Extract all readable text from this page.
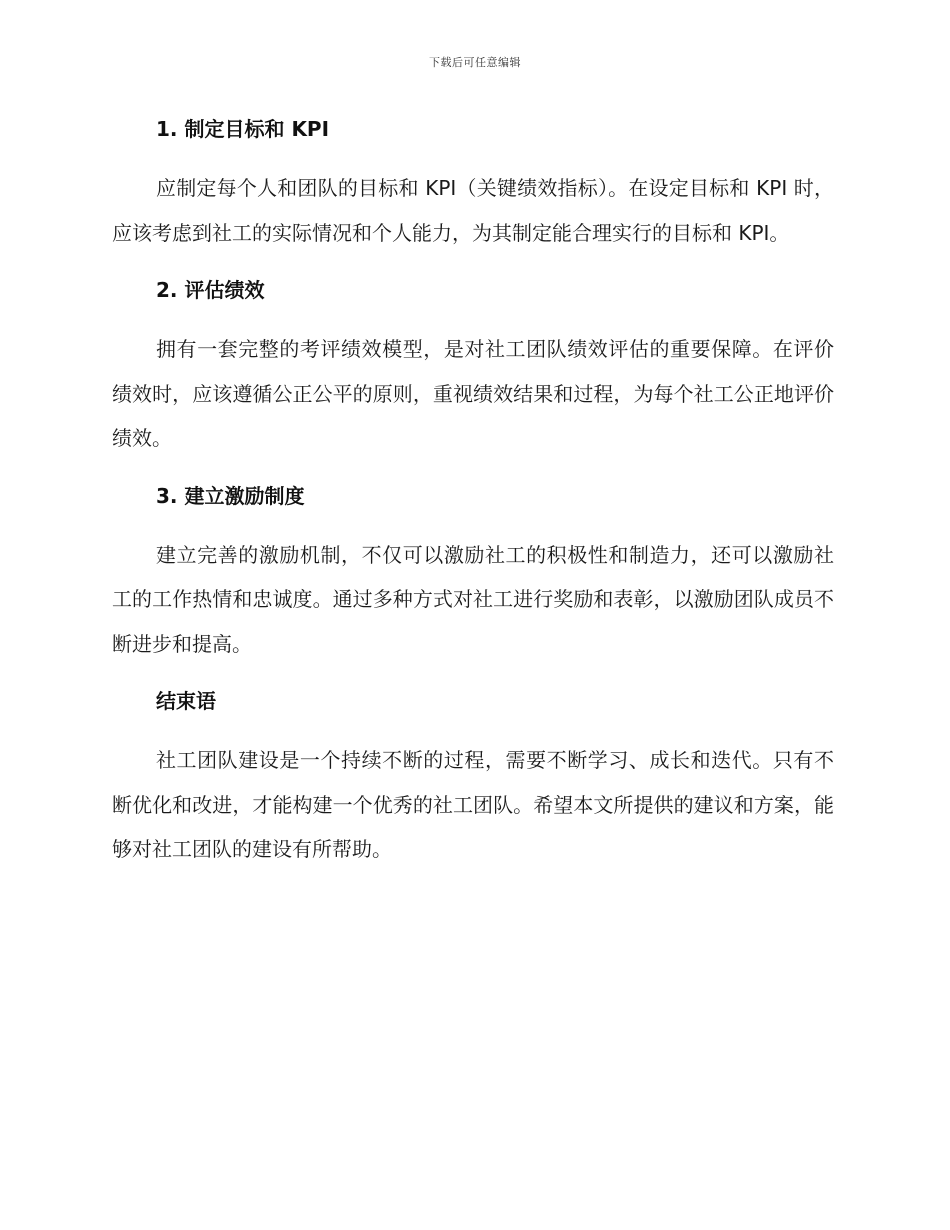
下载后可任意编辑
1. 制定目标和 KPI

应制定每个人和团队的目标和 KPI（关键绩效指标）。在设定目标和 KPI 时，应该考虑到社工的实际情况和个人能力，为其制定能合理实行的目标和 KPI。

2. 评估绩效

拥有一套完整的考评绩效模型，是对社工团队绩效评估的重要保障。在评价绩效时，应该遵循公正公平的原则，重视绩效结果和过程，为每个社工公正地评价绩效。

3. 建立激励制度

建立完善的激励机制，不仅可以激励社工的积极性和制造力，还可以激励社工的工作热情和忠诚度。通过多种方式对社工进行奖励和表彰，以激励团队成员不断进步和提高。

结束语

社工团队建设是一个持续不断的过程，需要不断学习、成长和迭代。只有不断优化和改进，才能构建一个优秀的社工团队。希望本文所提供的建议和方案，能够对社工团队的建设有所帮助。
